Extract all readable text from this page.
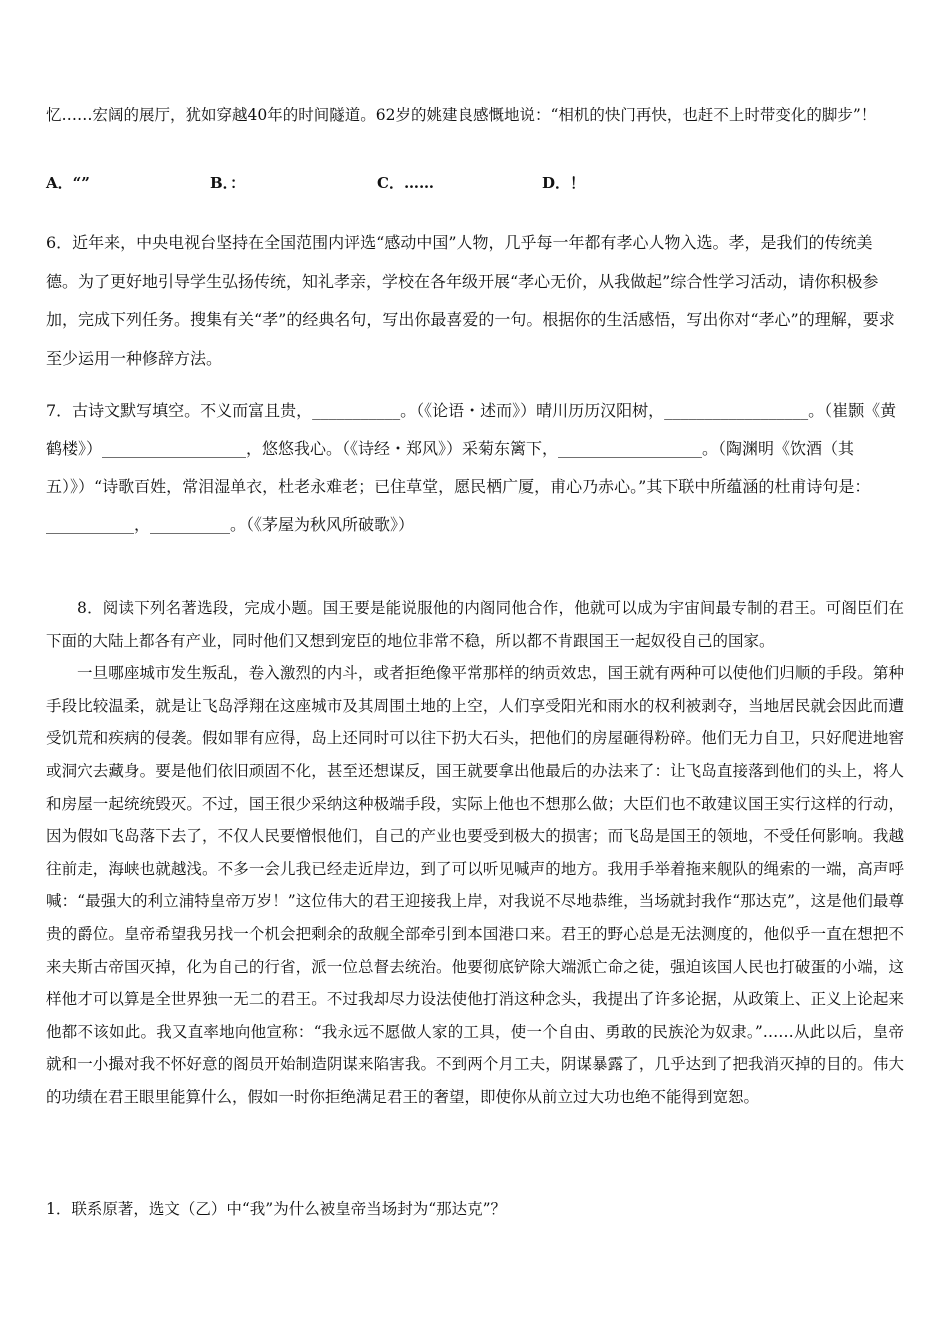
忆……宏阔的展厅，犹如穿越40年的时间隧道。62岁的姚建良感慨地说：“相机的快门再快，也赶不上时带变化的脚步”！

A．“”	B．：	C．……	D．！

6．近年来，中央电视台坚持在全国范围内评选“感动中国”人物，几乎每一年都有孝心人物入选。孝，是我们的传统美德。为了更好地引导学生弘扬传统，知礼孝亲，学校在各年级开展“孝心无价，从我做起”综合性学习活动，请你积极参加，完成下列任务。搜集有关“孝”的经典名句，写出你最喜爱的一句。根据你的生活感悟，写出你对“孝心”的理解，要求至少运用一种修辞方法。

7．古诗文默写填空。不义而富且贵，___________。（《论语・述而》）晴川历历汉阳树，__________________。（崔颢《黄鹤楼》）__________________，悠悠我心。（《诗经・郑风》）采菊东篱下，__________________。（陶渊明《饮酒（其五）》）“诗歌百姓，常泪湿单衣，杜老永难老；已住草堂，愿民栖广厦，甫心乃赤心。”其下联中所蕴涵的杜甫诗句是：___________，__________。（《茅屋为秋风所破歌》）

8．阅读下列名著选段，完成小题。国王要是能说服他的内阁同他合作，他就可以成为宇宙间最专制的君王。可阁臣们在下面的大陆上都各有产业，同时他们又想到宠臣的地位非常不稳，所以都不肯跟国王一起奴役自己的国家。
一旦哪座城市发生叛乱，卷入激烈的内斗，或者拒绝像平常那样的纳贡效忠，国王就有两种可以使他们归顺的手段。第种手段比较温柔，就是让飞岛浮翔在这座城市及其周围土地的上空，人们享受阳光和雨水的权利被剥夺，当地居民就会因此而遭受饥荒和疾病的侵袭。假如罪有应得，岛上还同时可以往下扔大石头，把他们的房屋砸得粉碎。他们无力自卫，只好爬进地窖或洞穴去藏身。要是他们依旧顽固不化，甚至还想谋反，国王就要拿出他最后的办法来了：让飞岛直接落到他们的头上，将人和房屋一起统统毁灭。不过，国王很少采纳这种极端手段，实际上他也不想那么做；大臣们也不敢建议国王实行这样的行动，因为假如飞岛落下去了，不仅人民要憎恨他们，自己的产业也要受到极大的损害；而飞岛是国王的领地，不受任何影响。我越往前走，海峡也就越浅。不多一会儿我已经走近岸边，到了可以听见喊声的地方。我用手举着拖来舰队的绳索的一端，高声呼喊：“最强大的利立浦特皇帝万岁！”这位伟大的君王迎接我上岸，对我说不尽地恭维，当场就封我作“那达克”，这是他们最尊贵的爵位。皇帝希望我另找一个机会把剩余的敌舰全部牵引到本国港口来。君王的野心总是无法测度的，他似乎一直在想把不来夫斯古帝国灭掉，化为自己的行省，派一位总督去统治。他要彻底铲除大端派亡命之徒，强迫该国人民也打破蛋的小端，这样他才可以算是全世界独一无二的君王。不过我却尽力设法使他打消这种念头，我提出了许多论据，从政策上、正义上论起来他都不该如此。我又直率地向他宣称：“我永远不愿做人家的工具，使一个自由、勇敢的民族沦为奴隶。”……从此以后，皇帝就和一小撮对我不怀好意的阁员开始制造阴谋来陷害我。不到两个月工夫，阴谋暴露了，几乎达到了把我消灭掉的目的。伟大的功绩在君王眼里能算什么，假如一时你拒绝满足君王的奢望，即使你从前立过大功也绝不能得到宽恕。

1．联系原著，选文（乙）中“我”为什么被皇帝当场封为“那达克”？
